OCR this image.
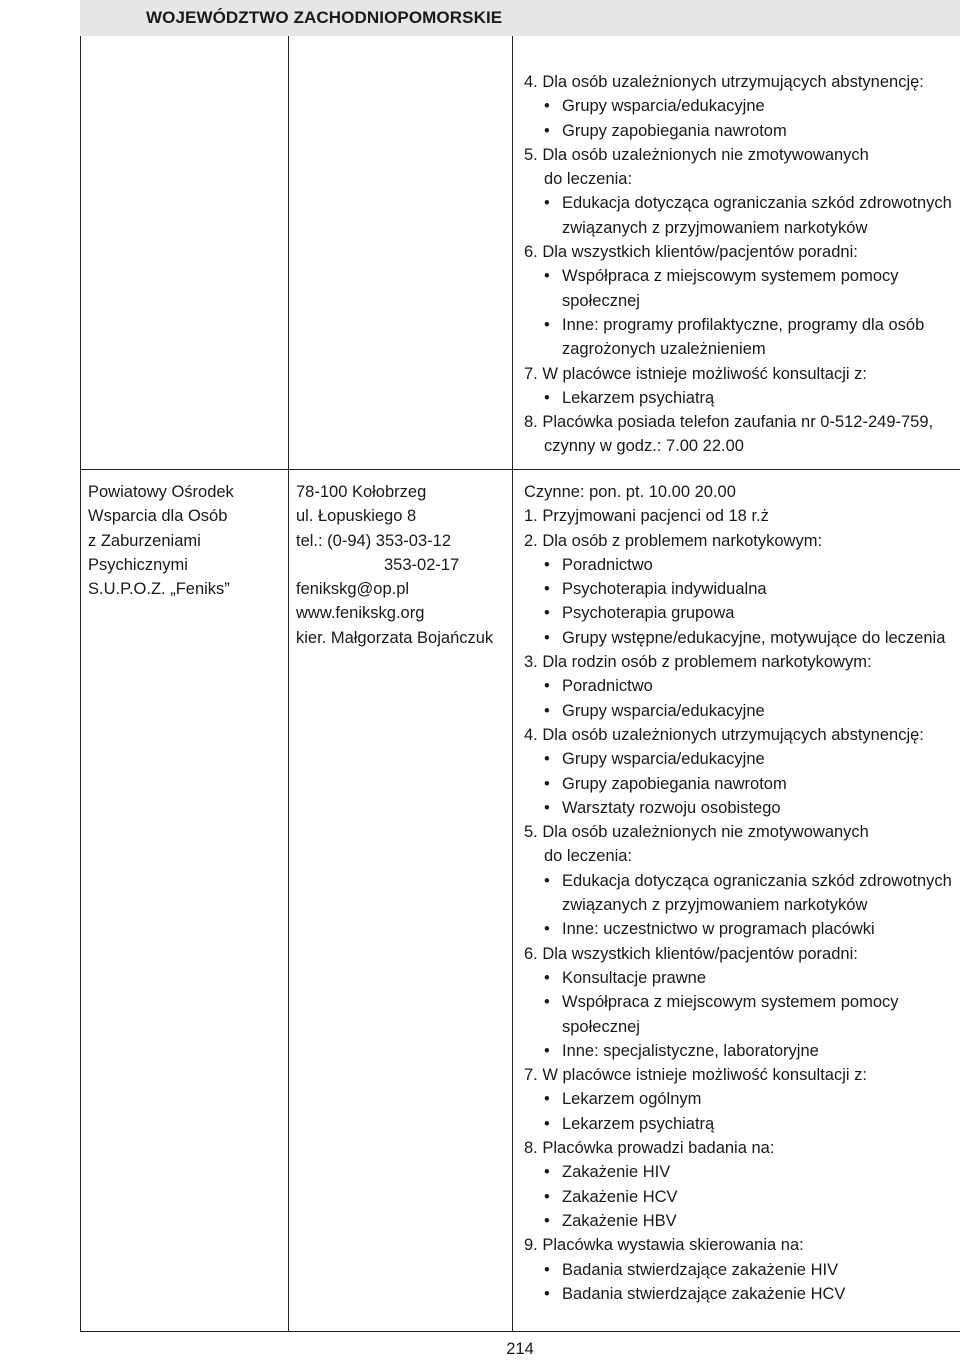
WOJEWÓDZTWO ZACHODNIOPOMORSKIE
4. Dla osób uzależnionych utrzymujących abstynencję:
• Grupy wsparcia/edukacyjne
• Grupy zapobiegania nawrotom
5. Dla osób uzależnionych nie zmotywowanych
do leczenia:
• Edukacja dotycząca ograniczania szkód zdrowotnych
związanych z przyjmowaniem narkotyków
6. Dla wszystkich klientów/pacjentów poradni:
• Współpraca z miejscowym systemem pomocy
społecznej
• Inne: programy profilaktyczne, programy dla osób
zagrożonych uzależnieniem
7. W placówce istnieje możliwość konsultacji z:
• Lekarzem psychiatrą
8. Placówka posiada telefon zaufania nr 0-512-249-759,
czynny w godz.: 7.00 22.00
Powiatowy Ośrodek
Wsparcia dla Osób
z Zaburzeniami
Psychicznymi
S.U.P.O.Z. „Feniks”
78-100 Kołobrzeg
ul. Łopuskiego 8
tel.: (0-94) 353-03-12
353-02-17
fenikskg@op.pl
www.fenikskg.org
kier. Małgorzata Bojańczuk
Czynne: pon. pt. 10.00 20.00
1. Przyjmowani pacjenci od 18 r.ż
2. Dla osób z problemem narkotykowym:
• Poradnictwo
• Psychoterapia indywidualna
• Psychoterapia grupowa
• Grupy wstępne/edukacyjne, motywujące do leczenia
3. Dla rodzin osób z problemem narkotykowym:
• Poradnictwo
• Grupy wsparcia/edukacyjne
4. Dla osób uzależnionych utrzymujących abstynencję:
• Grupy wsparcia/edukacyjne
• Grupy zapobiegania nawrotom
• Warsztaty rozwoju osobistego
5. Dla osób uzależnionych nie zmotywowanych
do leczenia:
• Edukacja dotycząca ograniczania szkód zdrowotnych
związanych z przyjmowaniem narkotyków
• Inne: uczestnictwo w programach placówki
6. Dla wszystkich klientów/pacjentów poradni:
• Konsultacje prawne
• Współpraca z miejscowym systemem pomocy
społecznej
• Inne: specjalistyczne, laboratoryjne
7. W placówce istnieje możliwość konsultacji z:
• Lekarzem ogólnym
• Lekarzem psychiatrą
8. Placówka prowadzi badania na:
• Zakażenie HIV
• Zakażenie HCV
• Zakażenie HBV
9. Placówka wystawia skierowania na:
• Badania stwierdzające zakażenie HIV
• Badania stwierdzające zakażenie HCV
214
